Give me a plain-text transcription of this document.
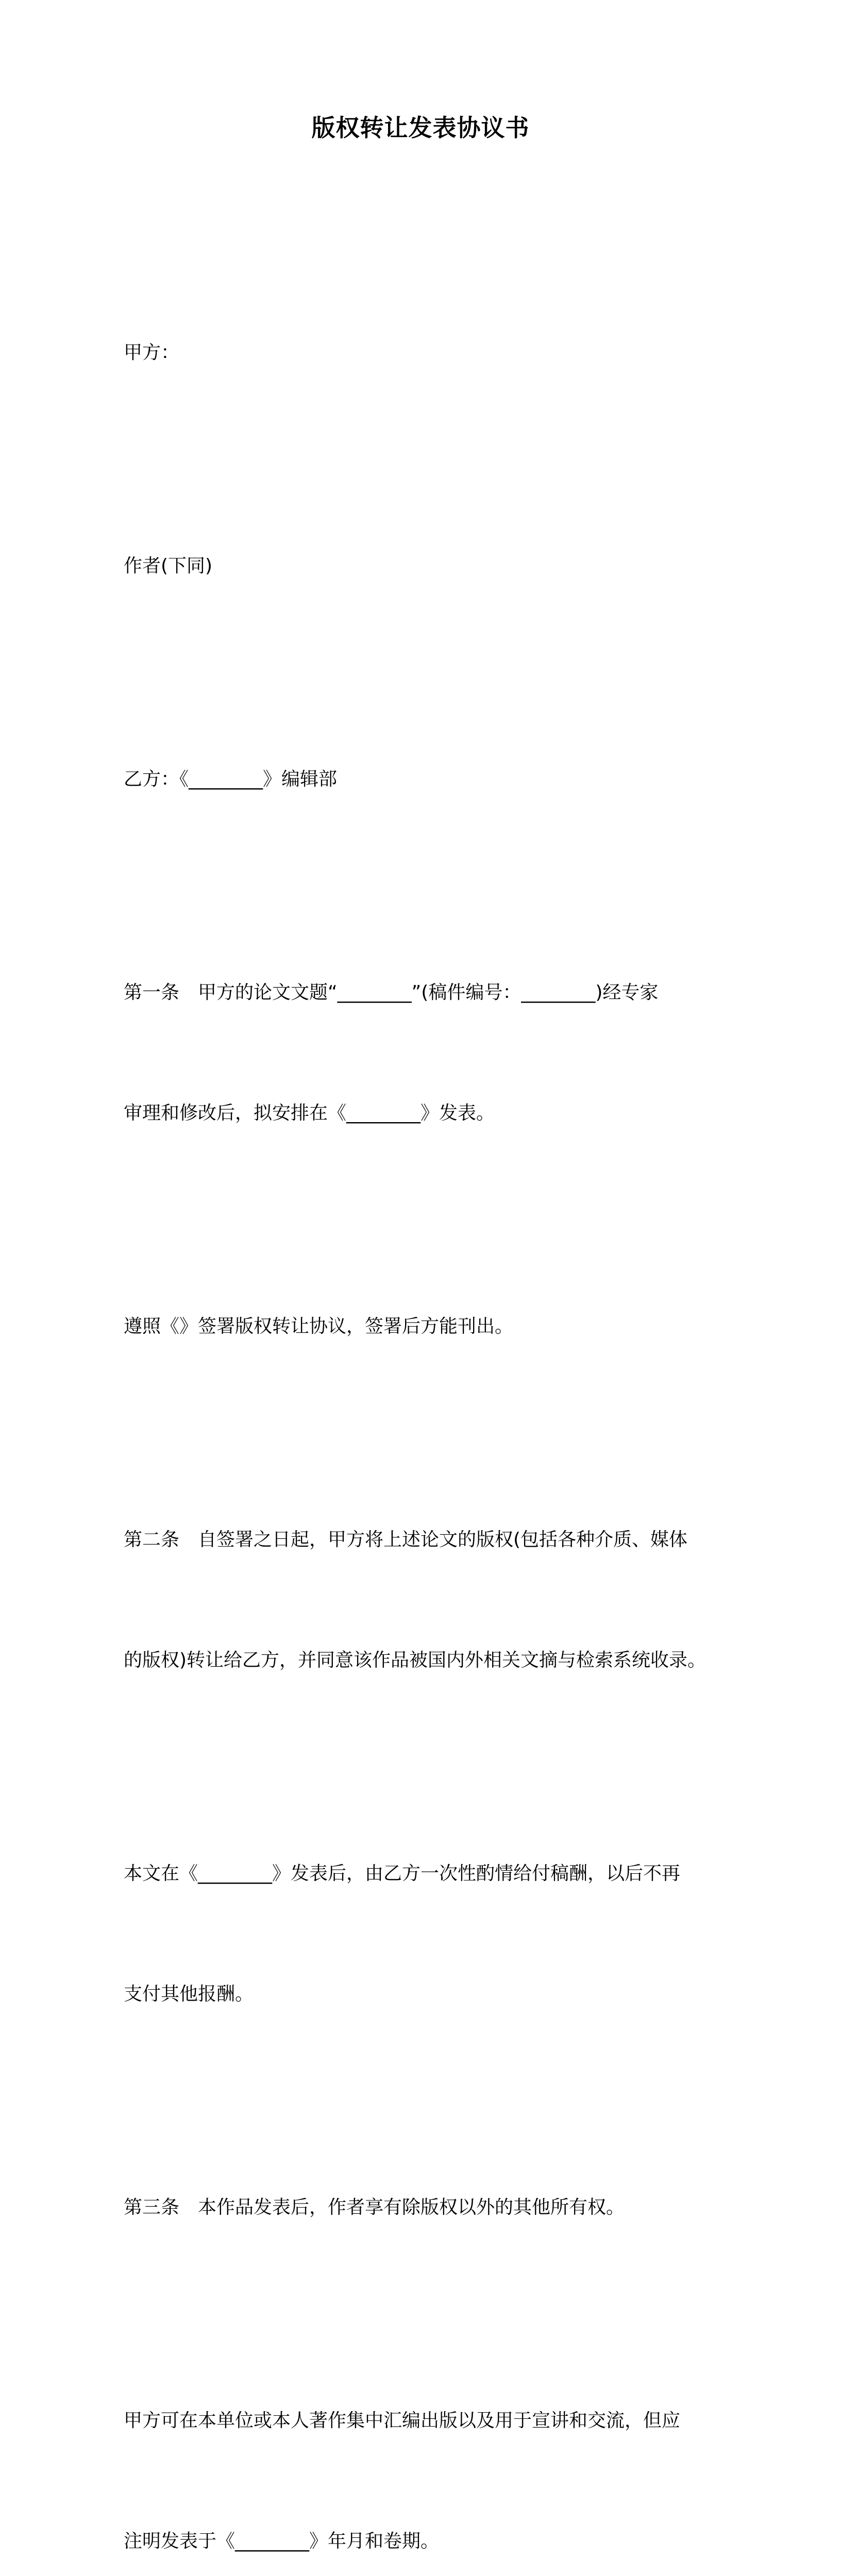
版权转让发表协议书

甲方：

作者(下同)

乙方：《________》编辑部

第一条　甲方的论文文题“________”(稿件编号：________)经专家

审理和修改后，拟安排在《________》发表。

遵照《》签署版权转让协议，签署后方能刊出。

第二条　自签署之日起，甲方将上述论文的版权(包括各种介质、媒体

的版权)转让给乙方，并同意该作品被国内外相关文摘与检索系统收录。

本文在《________》发表后，由乙方一次性酌情给付稿酬，以后不再

支付其他报酬。

第三条　本作品发表后，作者享有除版权以外的其他所有权。

甲方可在本单位或本人著作集中汇编出版以及用于宣讲和交流，但应

注明发表于《________》年月和卷期。
